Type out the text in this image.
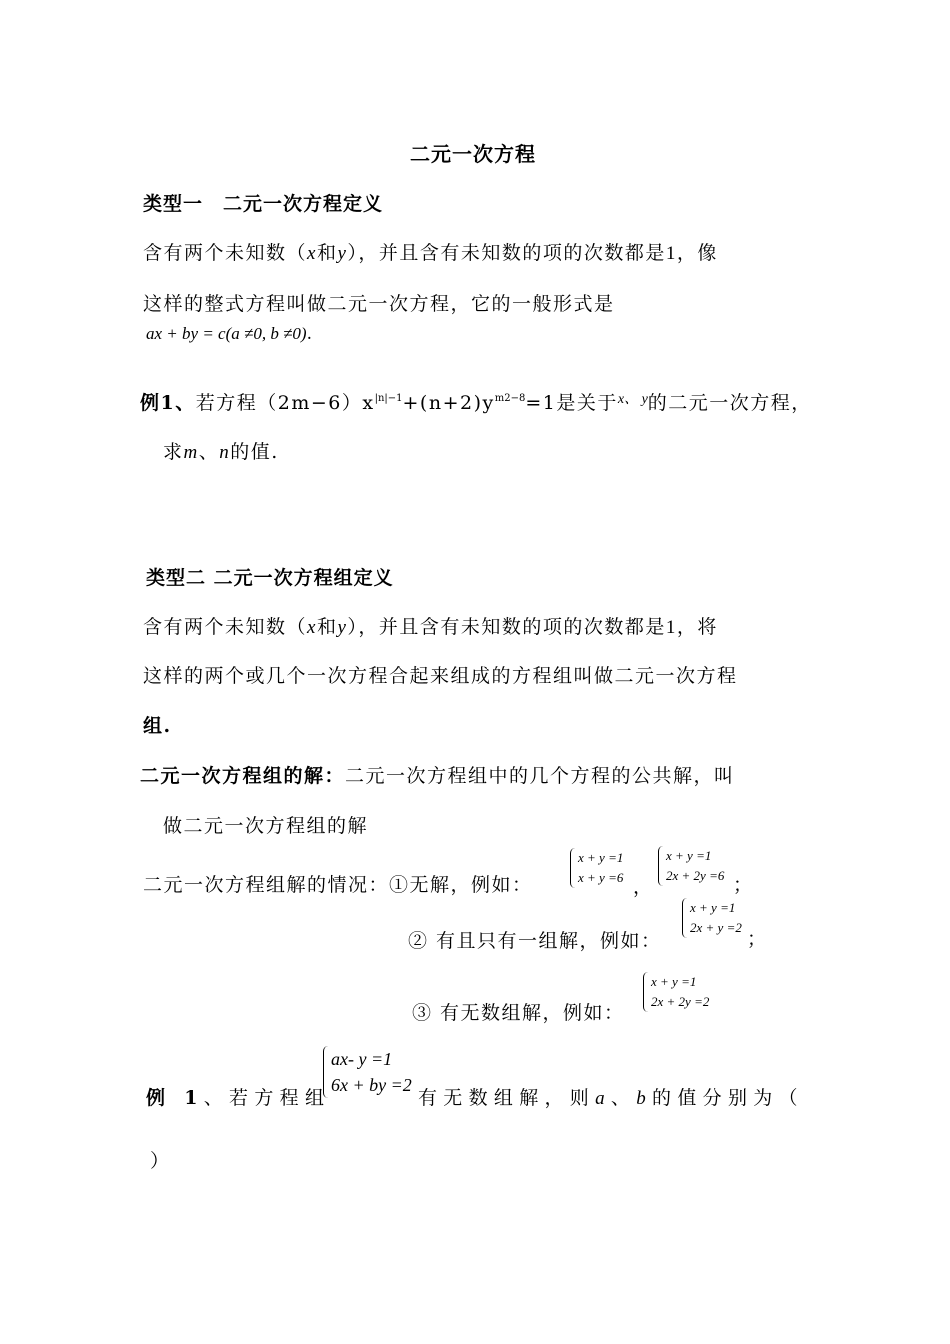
二元一次方程
类型一　二元一次方程定义
含有两个未知数（x和y），并且含有未知数的项的次数都是1，像
这样的整式方程叫做二元一次方程，它的一般形式是
ax + by = c(a ≠0, b ≠0).
例1、若方程$(2m-6)x^{|n|-1}+(n+2)y^{m2-8}=1$是关于$^{x、 y}$的二元一次方程，
求m、n的值.
类型二 二元一次方程组定义
含有两个未知数（x和y），并且含有未知数的项的次数都是1，将
这样的两个或几个一次方程合起来组成的方程组叫做二元一次方程
组.
二元一次方程组的解：二元一次方程组中的几个方程的公共解，叫
做二元一次方程组的解
二元一次方程组解的情况：①无解，例如：
x + y =1
x + y =6 ，
x + y =1
2x + 2y =6 ；
② 有且只有一组解，例如：
x + y =1
2x + y =2
；
③ 有无数组解，例如：
x + y =1
2x + 2y =2
例 1、若方程组
ax- y =1
6x + by =2
有无数组解，则a、b的值分别为（
）
